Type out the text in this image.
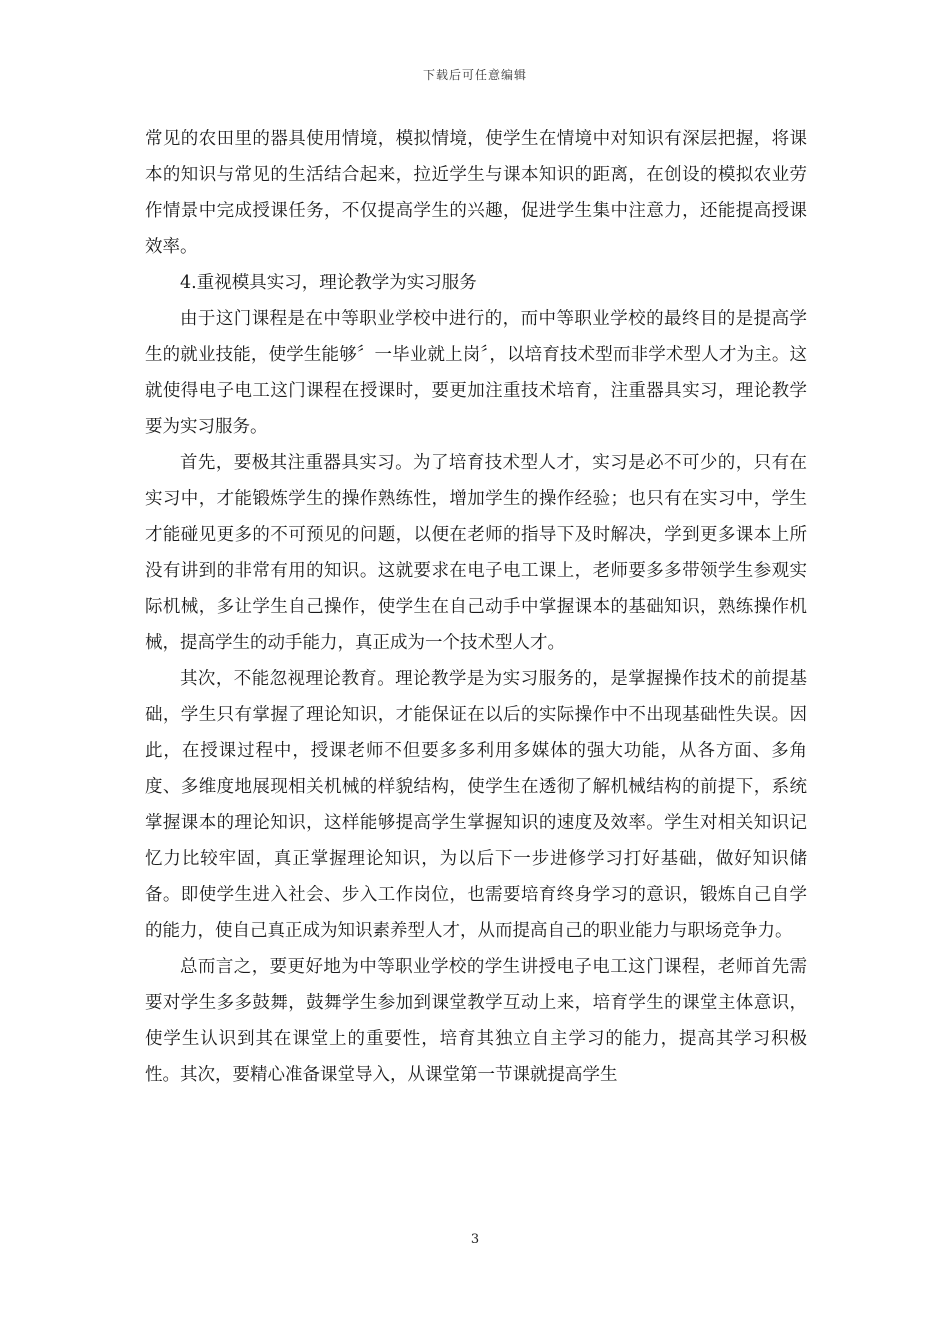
下载后可任意编辑

常见的农田里的器具使用情境，模拟情境，使学生在情境中对知识有深层把握，将课本的知识与常见的生活结合起来，拉近学生与课本知识的距离，在创设的模拟农业劳作情景中完成授课任务，不仅提高学生的兴趣，促进学生集中注意力，还能提高授课效率。

4.重视模具实习，理论教学为实习服务

由于这门课程是在中等职业学校中进行的，而中等职业学校的最终目的是提高学生的就业技能，使学生能够〞一毕业就上岗〞，以培育技术型而非学术型人才为主。这就使得电子电工这门课程在授课时，要更加注重技术培育，注重器具实习，理论教学要为实习服务。

首先，要极其注重器具实习。为了培育技术型人才，实习是必不可少的，只有在实习中，才能锻炼学生的操作熟练性，增加学生的操作经验；也只有在实习中，学生才能碰见更多的不可预见的问题，以便在老师的指导下及时解决，学到更多课本上所没有讲到的非常有用的知识。这就要求在电子电工课上，老师要多多带领学生参观实际机械，多让学生自己操作，使学生在自己动手中掌握课本的基础知识，熟练操作机械，提高学生的动手能力，真正成为一个技术型人才。

其次，不能忽视理论教育。理论教学是为实习服务的，是掌握操作技术的前提基础，学生只有掌握了理论知识，才能保证在以后的实际操作中不出现基础性失误。因此，在授课过程中，授课老师不但要多多利用多媒体的强大功能，从各方面、多角度、多维度地展现相关机械的样貌结构，使学生在透彻了解机械结构的前提下，系统掌握课本的理论知识，这样能够提高学生掌握知识的速度及效率。学生对相关知识记忆力比较牢固，真正掌握理论知识，为以后下一步进修学习打好基础，做好知识储备。即使学生进入社会、步入工作岗位，也需要培育终身学习的意识，锻炼自己自学的能力，使自己真正成为知识素养型人才，从而提高自己的职业能力与职场竞争力。

总而言之，要更好地为中等职业学校的学生讲授电子电工这门课程，老师首先需要对学生多多鼓舞，鼓舞学生参加到课堂教学互动上来，培育学生的课堂主体意识，使学生认识到其在课堂上的重要性，培育其独立自主学习的能力，提高其学习积极性。其次，要精心准备课堂导入，从课堂第一节课就提高学生

3
